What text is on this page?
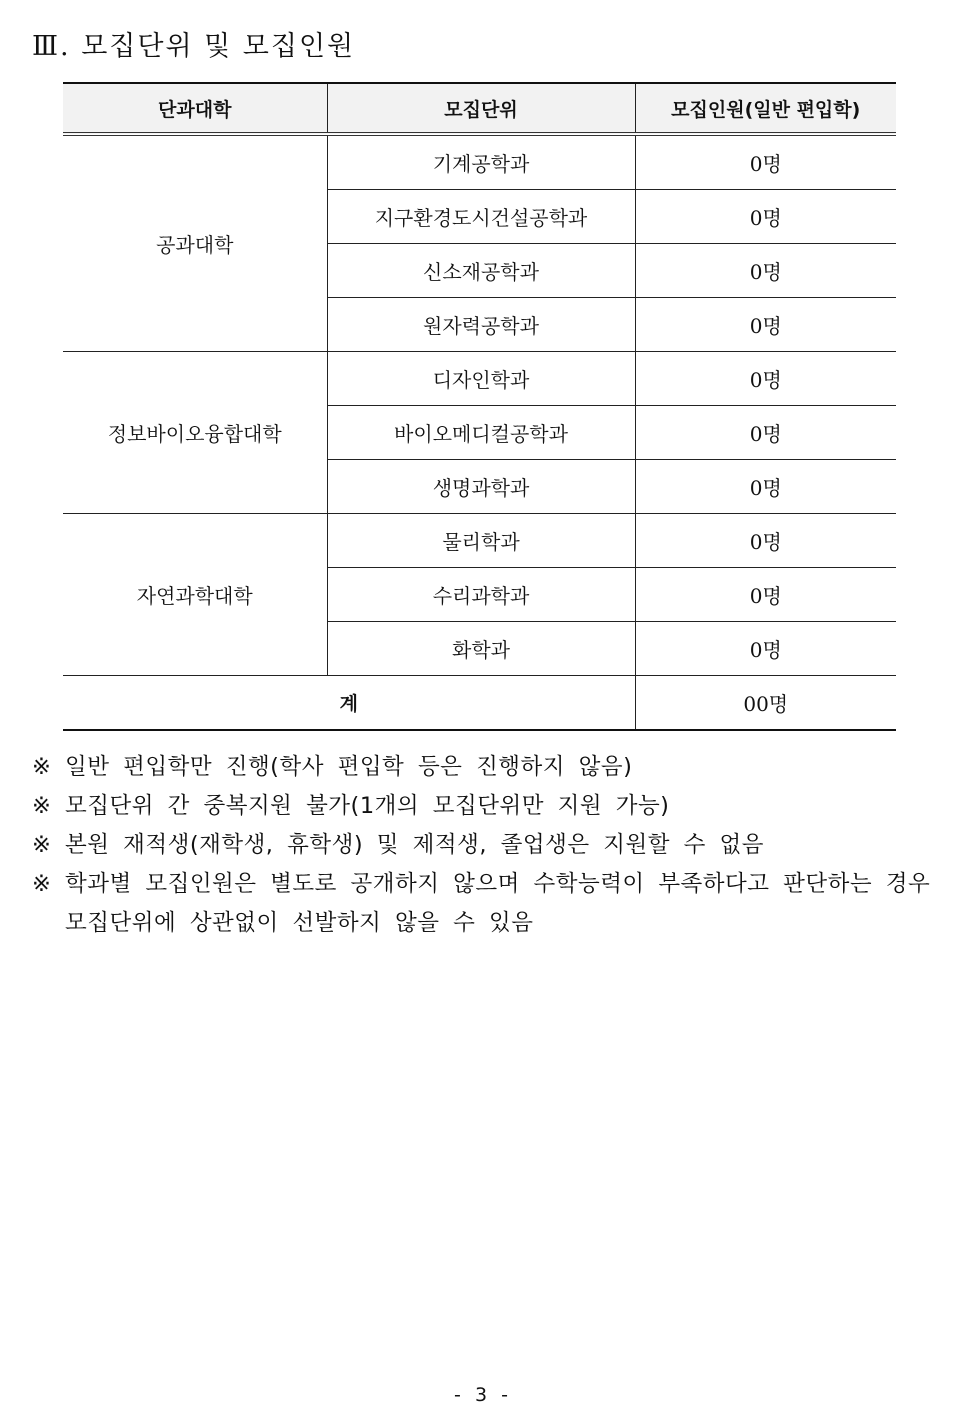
Ⅲ. 모집단위 및 모집인원
단과대학	모집단위	모집인원(일반 편입학)
공과대학	기계공학과	0명
	지구환경도시건설공학과	0명
	신소재공학과	0명
	원자력공학과	0명
정보바이오융합대학	디자인학과	0명
	바이오메디컬공학과	0명
	생명과학과	0명
자연과학대학	물리학과	0명
	수리과학과	0명
	화학과	0명
계		00명
※ 일반 편입학만 진행(학사 편입학 등은 진행하지 않음)
※ 모집단위 간 중복지원 불가(1개의 모집단위만 지원 가능)
※ 본원 재적생(재학생, 휴학생) 및 제적생, 졸업생은 지원할 수 없음
※ 학과별 모집인원은 별도로 공개하지 않으며 수학능력이 부족하다고 판단하는 경우 모집단위에 상관없이 선발하지 않을 수 있음
- 3 -
